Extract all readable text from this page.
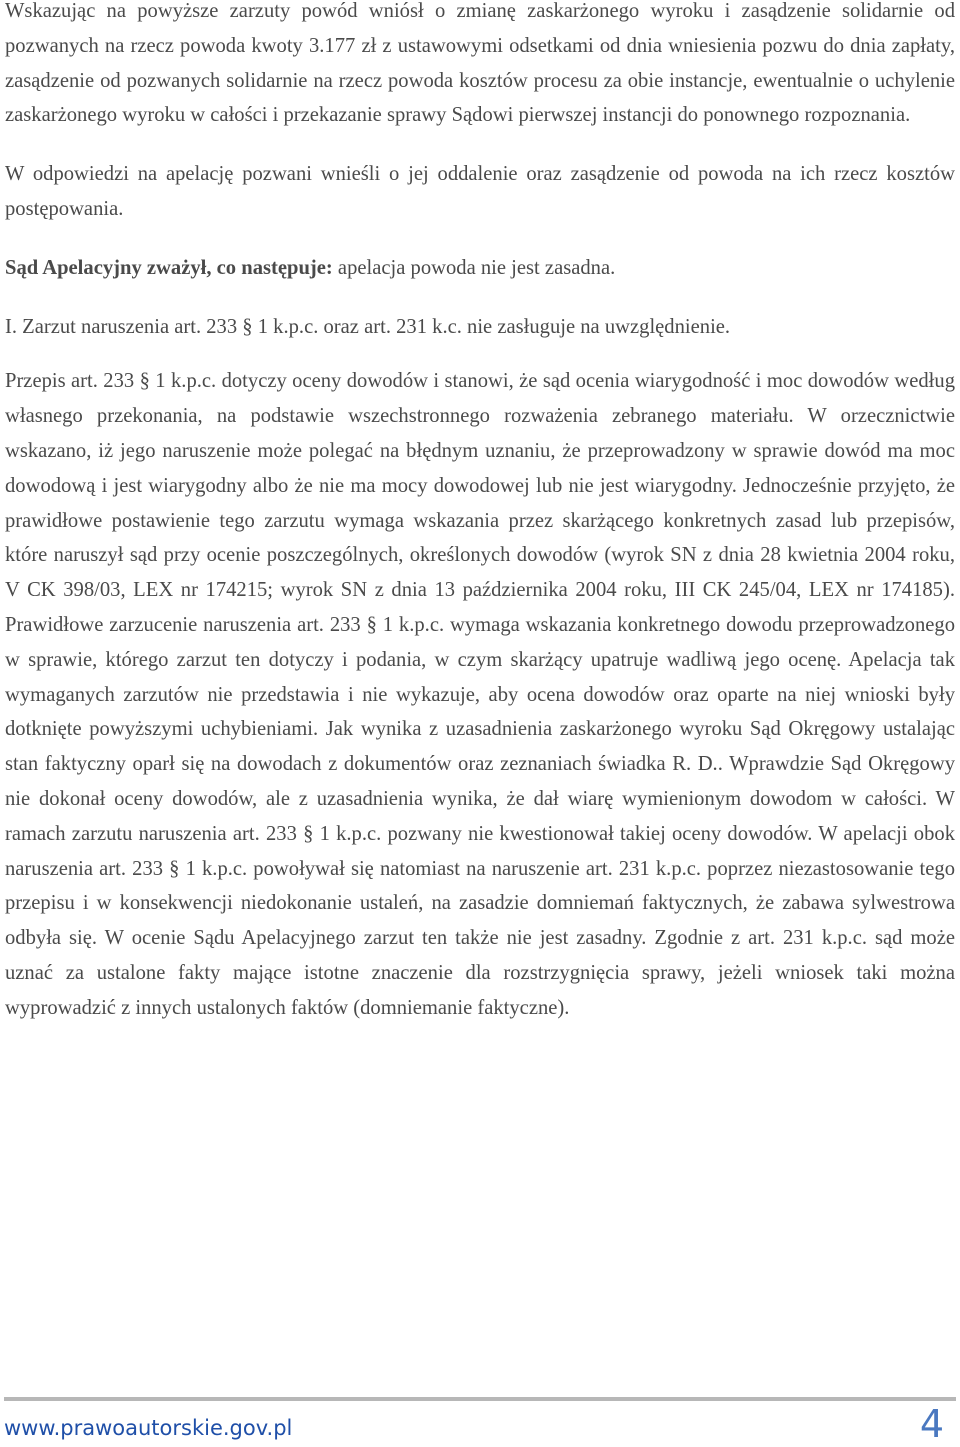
Wskazując na powyższe zarzuty powód wniósł o zmianę zaskarżonego wyroku i zasądzenie solidarnie od pozwanych na rzecz powoda kwoty 3.177 zł z ustawowymi odsetkami od dnia wniesienia pozwu do dnia zapłaty, zasądzenie od pozwanych solidarnie na rzecz powoda kosztów procesu za obie instancje, ewentualnie o uchylenie zaskarżonego wyroku w całości i przekazanie sprawy Sądowi pierwszej instancji do ponownego rozpoznania.

W odpowiedzi na apelację pozwani wnieśli o jej oddalenie oraz zasądzenie od powoda na ich rzecz kosztów postępowania.

Sąd Apelacyjny zważył, co następuje: apelacja powoda nie jest zasadna.

I. Zarzut naruszenia art. 233 § 1 k.p.c. oraz art. 231 k.c. nie zasługuje na uwzględnienie.

Przepis art. 233 § 1 k.p.c. dotyczy oceny dowodów i stanowi, że sąd ocenia wiarygodność i moc dowodów według własnego przekonania, na podstawie wszechstronnego rozważenia zebranego materiału. W orzecznictwie wskazano, iż jego naruszenie może polegać na błędnym uznaniu, że przeprowadzony w sprawie dowód ma moc dowodową i jest wiarygodny albo że nie ma mocy dowodowej lub nie jest wiarygodny. Jednocześnie przyjęto, że prawidłowe postawienie tego zarzutu wymaga wskazania przez skarżącego konkretnych zasad lub przepisów, które naruszył sąd przy ocenie poszczególnych, określonych dowodów (wyrok SN z dnia 28 kwietnia 2004 roku, V CK 398/03, LEX nr 174215; wyrok SN z dnia 13 października 2004 roku, III CK 245/04, LEX nr 174185). Prawidłowe zarzucenie naruszenia art. 233 § 1 k.p.c. wymaga wskazania konkretnego dowodu przeprowadzonego w sprawie, którego zarzut ten dotyczy i podania, w czym skarżący upatruje wadliwą jego ocenę. Apelacja tak wymaganych zarzutów nie przedstawia i nie wykazuje, aby ocena dowodów oraz oparte na niej wnioski były dotknięte powyższymi uchybieniami. Jak wynika z uzasadnienia zaskarżonego wyroku Sąd Okręgowy ustalając stan faktyczny oparł się na dowodach z dokumentów oraz zeznaniach świadka R. D.. Wprawdzie Sąd Okręgowy nie dokonał oceny dowodów, ale z uzasadnienia wynika, że dał wiarę wymienionym dowodom w całości. W ramach zarzutu naruszenia art. 233 § 1 k.p.c. pozwany nie kwestionował takiej oceny dowodów. W apelacji obok naruszenia art. 233 § 1 k.p.c. powoływał się natomiast na naruszenie art. 231 k.p.c. poprzez niezastosowanie tego przepisu i w konsekwencji niedokonanie ustaleń, na zasadzie domniemań faktycznych, że zabawa sylwestrowa odbyła się. W ocenie Sądu Apelacyjnego zarzut ten także nie jest zasadny. Zgodnie z art. 231 k.p.c. sąd może uznać za ustalone fakty mające istotne znaczenie dla rozstrzygnięcia sprawy, jeżeli wniosek taki można wyprowadzić z innych ustalonych faktów (domniemanie faktyczne).

www.prawoautorskie.gov.pl	4
